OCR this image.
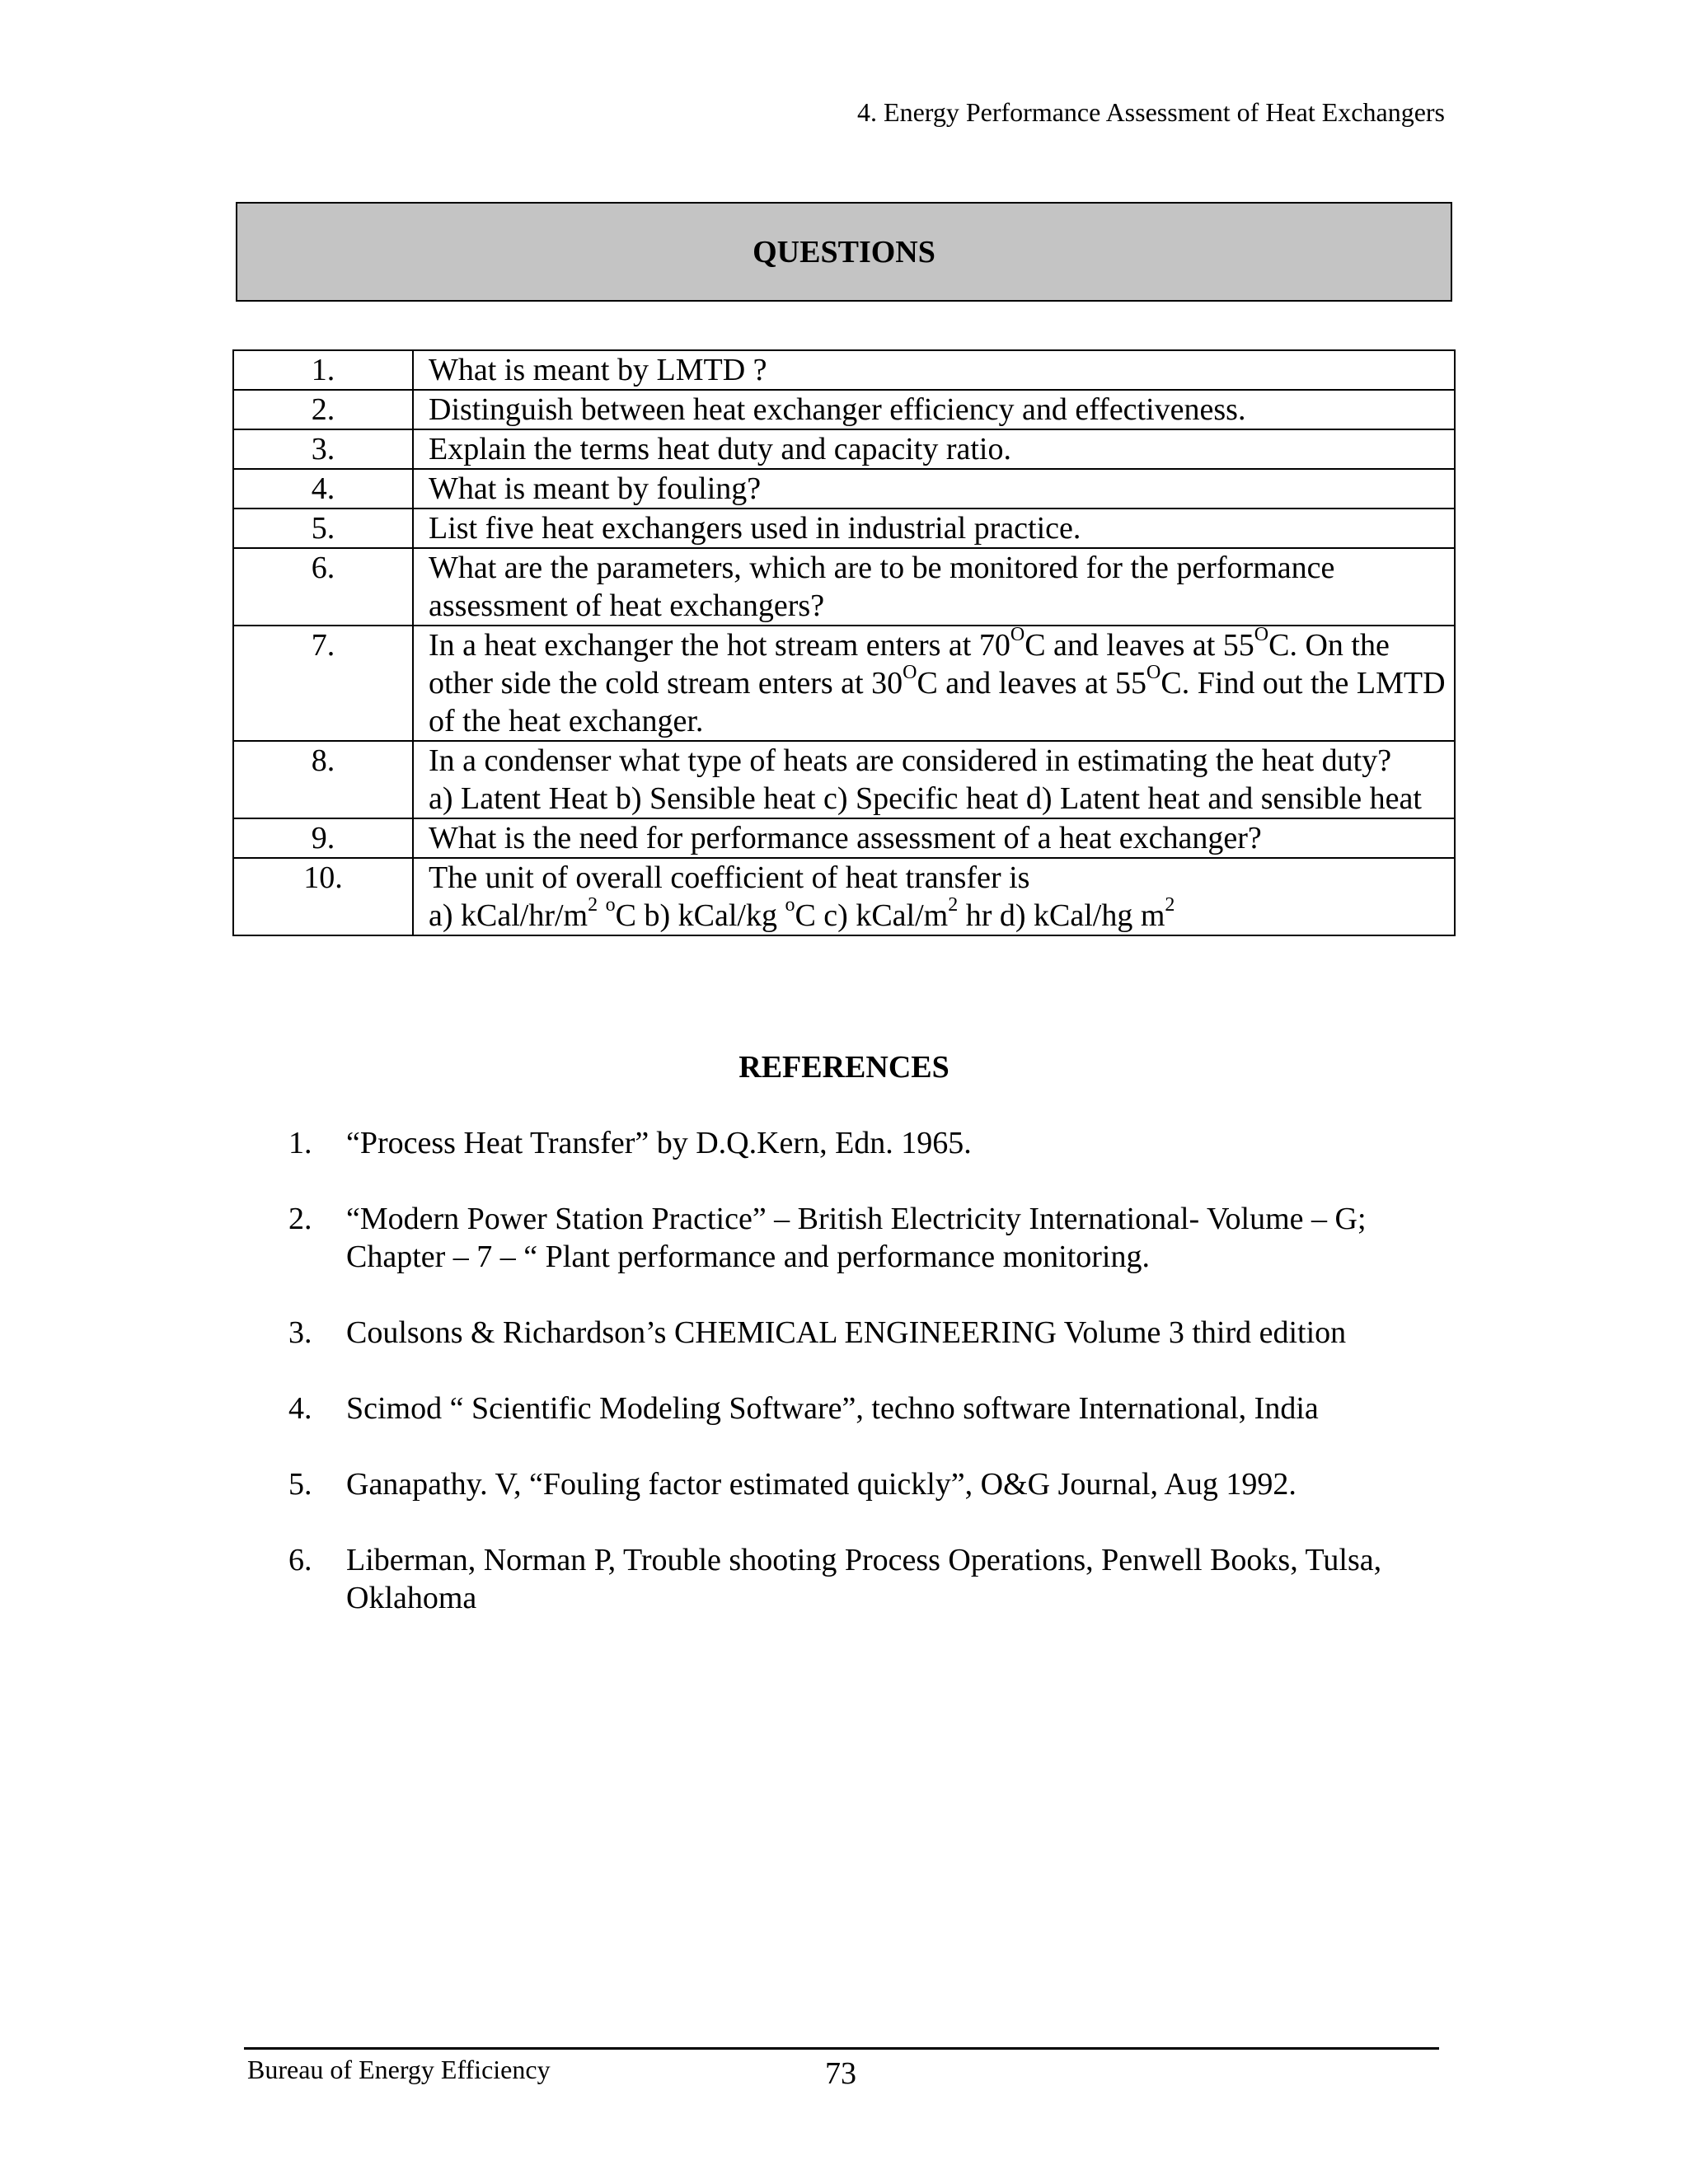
4. Energy Performance Assessment of Heat Exchangers
QUESTIONS
1.	What is meant by LMTD ?
2.	Distinguish between heat exchanger efficiency and effectiveness.
3.	Explain the terms heat duty and capacity ratio.
4.	What is meant by fouling?
5.	List five heat exchangers used in industrial practice.
6.	What are the parameters, which are to be monitored for the performance assessment of heat exchangers?
7.	In a heat exchanger the hot stream enters at $70^OC$ and leaves at $55^OC$. On the other side the cold stream enters at $30^OC$ and leaves at $55^OC$. Find out the LMTD of the heat exchanger.
8.	In a condenser what type of heats are considered in estimating the heat duty?

a) Latent Heat b) Sensible heat c) Specific heat d) Latent heat and sensible heat

9.	What is the need for performance assessment of a heat exchanger?
10.	The unit of overall coefficient of heat transfer is

a) kCal/$hr/m^2$ $^o$C b) kCal/kg $^o$C c) kCal/$m^2$ hr d) kCal/hg $m^2$

REFERENCES
1.	“Process Heat Transfer” by D.Q.Kern, Edn. 1965.
2.	“Modern Power Station Practice” – British Electricity International- Volume – G; Chapter – 7 – “ Plant performance and performance monitoring.
3.	Coulsons & Richardson’s CHEMICAL ENGINEERING Volume 3 third edition
4.	Scimod “ Scientific Modeling Software”, techno software International, India
5.	Ganapathy. V, “Fouling factor estimated quickly”, O&G Journal, Aug 1992.
6.	Liberman, Norman P, Trouble shooting Process Operations, Penwell Books, Tulsa, Oklahoma
Bureau of Energy Efficiency	73
